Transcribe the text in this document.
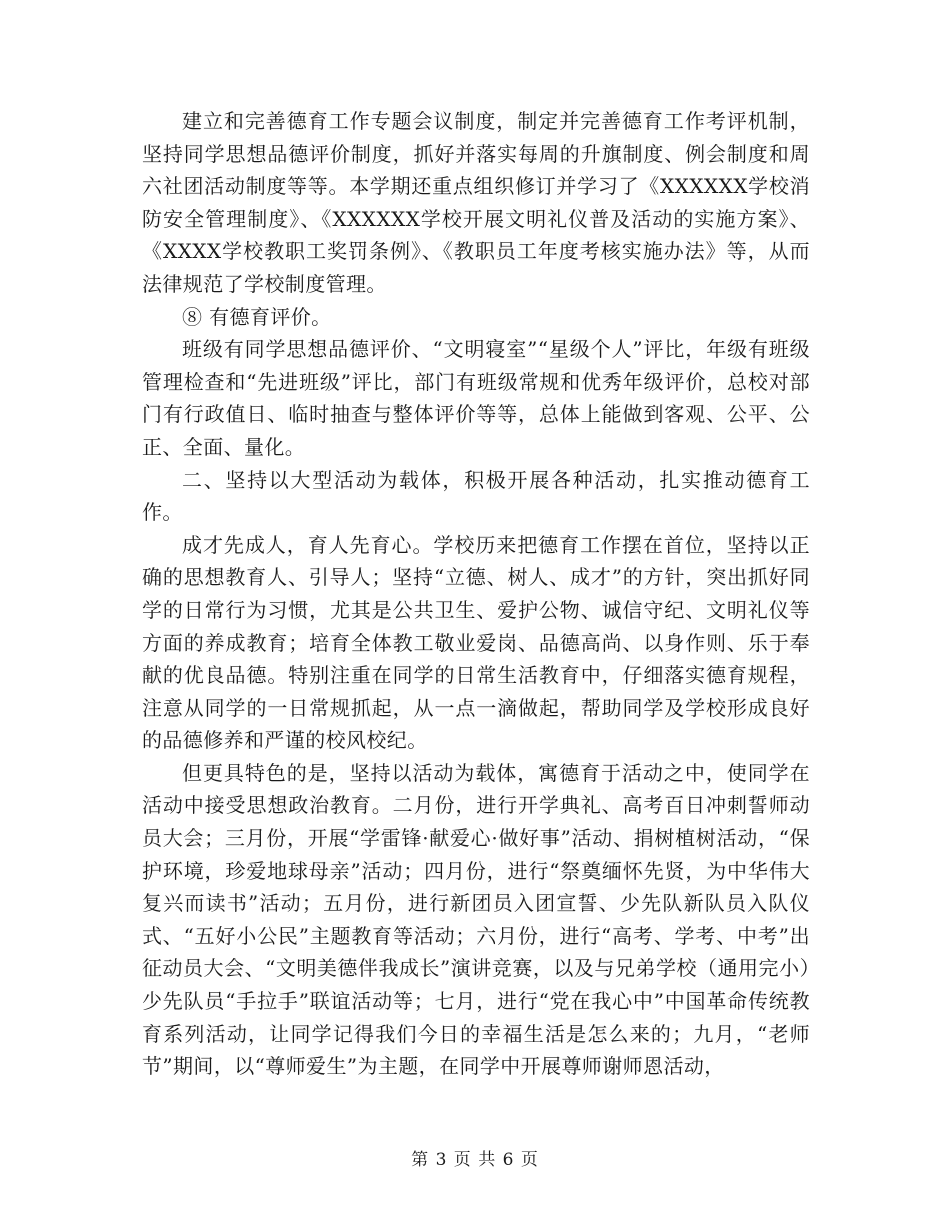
建立和完善德育工作专题会议制度，制定并完善德育工作考评机制，坚持同学思想品德评价制度，抓好并落实每周的升旗制度、例会制度和周六社团活动制度等等。本学期还重点组织修订并学习了《XXXXXX学校消防安全管理制度》、《XXXXXX学校开展文明礼仪普及活动的实施方案》、《XXXX学校教职工奖罚条例》、《教职员工年度考核实施办法》等，从而法律规范了学校制度管理。

⑧ 有德育评价。

班级有同学思想品德评价、“文明寝室”“星级个人”评比，年级有班级管理检查和“先进班级”评比，部门有班级常规和优秀年级评价，总校对部门有行政值日、临时抽查与整体评价等等，总体上能做到客观、公平、公正、全面、量化。

二、坚持以大型活动为载体，积极开展各种活动，扎实推动德育工作。

成才先成人，育人先育心。学校历来把德育工作摆在首位，坚持以正确的思想教育人、引导人；坚持“立德、树人、成才”的方针，突出抓好同学的日常行为习惯，尤其是公共卫生、爱护公物、诚信守纪、文明礼仪等方面的养成教育；培育全体教工敬业爱岗、品德高尚、以身作则、乐于奉献的优良品德。特别注重在同学的日常生活教育中，仔细落实德育规程，注意从同学的一日常规抓起，从一点一滴做起，帮助同学及学校形成良好的品德修养和严谨的校风校纪。

但更具特色的是，坚持以活动为载体，寓德育于活动之中，使同学在活动中接受思想政治教育。二月份，进行开学典礼、高考百日冲刺誓师动员大会；三月份，开展“学雷锋·献爱心·做好事”活动、捐树植树活动，“保护环境，珍爱地球母亲”活动；四月份，进行“祭奠缅怀先贤，为中华伟大复兴而读书”活动；五月份，进行新团员入团宣誓、少先队新队员入队仪式、“五好小公民”主题教育等活动；六月份，进行“高考、学考、中考”出征动员大会、“文明美德伴我成长”演讲竞赛，以及与兄弟学校（通用完小）少先队员“手拉手”联谊活动等；七月，进行“党在我心中”中国革命传统教育系列活动，让同学记得我们今日的幸福生活是怎么来的；九月，“老师节”期间，以“尊师爱生”为主题，在同学中开展尊师谢师恩活动，

第 3 页 共 6 页
